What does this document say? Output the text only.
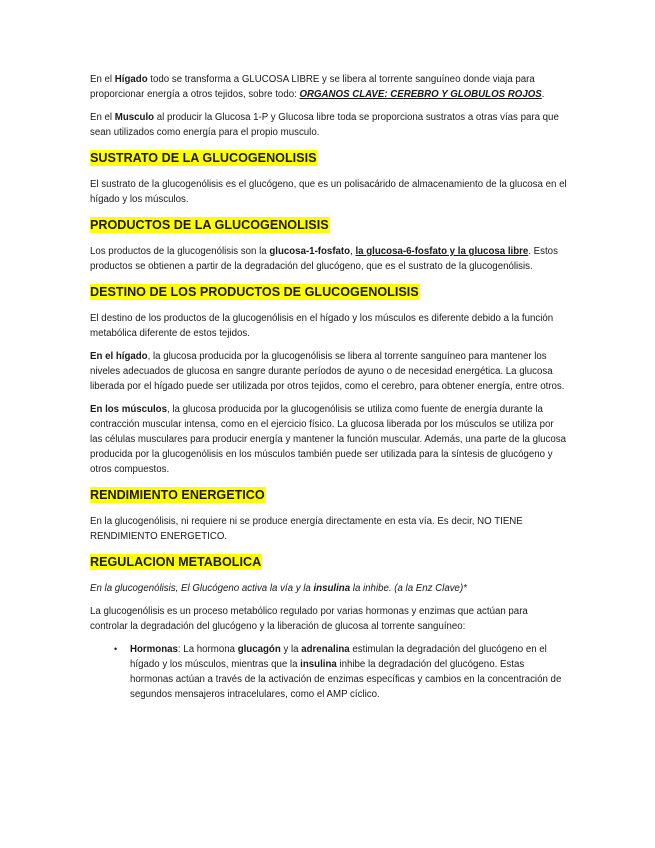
En el Hígado todo se transforma a GLUCOSA LIBRE y se libera al torrente sanguíneo donde viaja para proporcionar energía a otros tejidos, sobre todo: ORGANOS CLAVE: CEREBRO Y GLOBULOS ROJOS.

En el Musculo al producir la Glucosa 1-P y Glucosa libre toda se proporciona sustratos a otras vías para que sean utilizados como energía para el propio musculo.

SUSTRATO DE LA GLUCOGENOLISIS

El sustrato de la glucogenólisis es el glucógeno, que es un polisacárido de almacenamiento de la glucosa en el hígado y los músculos.

PRODUCTOS DE LA GLUCOGENOLISIS

Los productos de la glucogenólisis son la glucosa-1-fosfato, la glucosa-6-fosfato y la glucosa libre. Estos productos se obtienen a partir de la degradación del glucógeno, que es el sustrato de la glucogenólisis.

DESTINO DE LOS PRODUCTOS DE GLUCOGENOLISIS

El destino de los productos de la glucogenólisis en el hígado y los músculos es diferente debido a la función metabólica diferente de estos tejidos.

En el hígado, la glucosa producida por la glucogenólisis se libera al torrente sanguíneo para mantener los niveles adecuados de glucosa en sangre durante períodos de ayuno o de necesidad energética. La glucosa liberada por el hígado puede ser utilizada por otros tejidos, como el cerebro, para obtener energía, entre otros.

En los músculos, la glucosa producida por la glucogenólisis se utiliza como fuente de energía durante la contracción muscular intensa, como en el ejercicio físico. La glucosa liberada por los músculos se utiliza por las células musculares para producir energía y mantener la función muscular. Además, una parte de la glucosa producida por la glucogenólisis en los músculos también puede ser utilizada para la síntesis de glucógeno y otros compuestos.

RENDIMIENTO ENERGETICO

En la glucogenólisis, ni requiere ni se produce energía directamente en esta vía. Es decir, NO TIENE RENDIMIENTO ENERGETICO.

REGULACION METABOLICA

En la glucogenólisis, El Glucógeno activa la vía y la insulina la inhibe. (a la Enz Clave)*

La glucogenólisis es un proceso metabólico regulado por varias hormonas y enzimas que actúan para controlar la degradación del glucógeno y la liberación de glucosa al torrente sanguíneo:

• Hormonas: La hormona glucagón y la adrenalina estimulan la degradación del glucógeno en el hígado y los músculos, mientras que la insulina inhibe la degradación del glucógeno. Estas hormonas actúan a través de la activación de enzimas específicas y cambios en la concentración de segundos mensajeros intracelulares, como el AMP cíclico.
